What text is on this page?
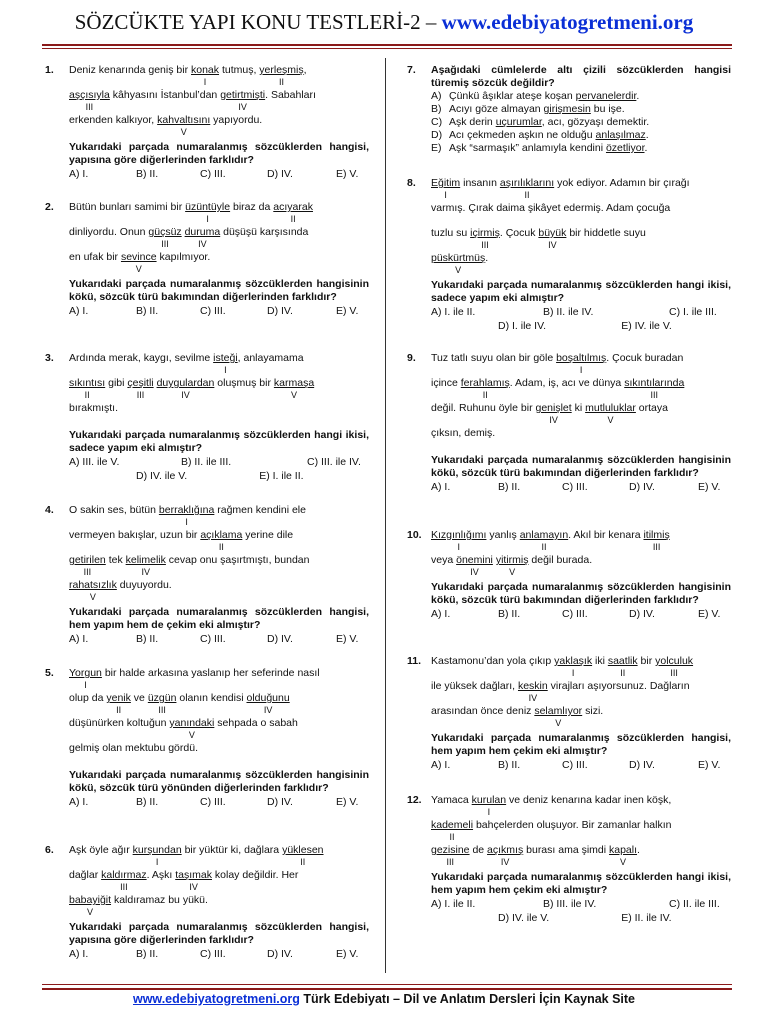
SÖZCÜKTE YAPI KONU TESTLERİ-2 – www.edebiyatogretmeni.org
1. Deniz kenarında geniş bir konak tutmuş, yerleşmiş,
I	II
aşçısıyla kâhyasını İstanbul’dan getirtmişti. Sabahları
III	IV
erkenden kalkıyor, kahvaltısını yapıyordu.
V
Yukarıdaki parçada numaralanmış sözcüklerden hangisi, yapısına göre diğerlerinden farklıdır?
A) I.	B) II.	C) III.	D) IV.	E) V.
2. Bütün bunları samimi bir üzüntüyle biraz da acıyarak
I	II
dinliyordu. Onun güçsüz duruma düşüşü karşısında
III	IV
en ufak bir sevince kapılmıyor.
V
Yukarıdaki parçada numaralanmış sözcüklerden hangisinin kökü, sözcük türü bakımından diğerlerinden farklıdır?
A) I.	B) II.	C) III.	D) IV.	E) V.
3. Ardında merak, kaygı, sevilme isteği, anlayamama
I
sıkıntısı gibi çeşitli duygulardan oluşmuş bir karmaşa
II	III	IV	V
bırakmıştı.
Yukarıdaki parçada numaralanmış sözcüklerden hangi ikisi, sadece yapım eki almıştır?
A) III. ile V.	B) II. ile III.	C) III. ile IV.
D) IV. ile V.	E) I. ile II.
4. O sakin ses, bütün berraklığına rağmen kendini ele
I
vermeyen bakışlar, uzun bir açıklama yerine dile
II
getirilen tek kelimelik cevap onu şaşırtmıştı, bundan
III	IV
rahatsızlık duyuyordu.
V
Yukarıdaki parçada numaralanmış sözcüklerden hangisi, hem yapım hem de çekim eki almıştır?
A) I.	B) II.	C) III.	D) IV.	E) V.
5. Yorgun bir halde arkasına yaslanıp her seferinde nasıl
I
olup da yenik ve üzgün olanın kendisi olduğunu
II	III	IV
düşünürken koltuğun yanındaki sehpada o sabah
V
gelmiş olan mektubu gördü.
Yukarıdaki parçada numaralanmış sözcüklerden hangisinin kökü, sözcük türü yönünden diğerlerinden farklıdır?
A) I.	B) II.	C) III.	D) IV.	E) V.
6. Aşk öyle ağır kurşundan bir yüktür ki, dağlara yüklesen
I	II
dağlar kaldırmaz. Aşkı taşımak kolay değildir. Her
III	IV
babayiğit kaldıramaz bu yükü.
V
Yukarıdaki parçada numaralanmış sözcüklerden hangisi, yapısına göre diğerlerinden farklıdır?
A) I.	B) II.	C) III.	D) IV.	E) V.
7. Aşağıdaki cümlelerde altı çizili sözcüklerden hangisi türemiş sözcük değildir?
A) Çünkü âşıklar ateşe koşan pervanelerdir.
B) Acıyı göze almayan girişmesin bu işe.
C) Aşk derin uçurumlar, acı, gözyaşı demektir.
D) Acı çekmeden aşkın ne olduğu anlaşılmaz.
E) Aşk “sarmaşık” anlamıyla kendini özetliyor.
8. Eğitim insanın aşırılıklarını yok ediyor. Adamın bir çırağı
I	II
varmış. Çırak daima şikâyet edermiş. Adam çocuğa
tuzlu su içirmiş. Çocuk büyük bir hiddetle suyu
III	IV
püskürtmüş.
V
Yukarıdaki parçada numaralanmış sözcüklerden hangi ikisi, sadece yapım eki almıştır?
A) I. ile II.	B) II. ile IV.	C) I. ile III.
D) I. ile IV.	E) IV. ile V.
9. Tuz tatlı suyu olan bir göle boşaltılmış. Çocuk buradan
I
içince ferahlamış. Adam, iş, acı ve dünya sıkıntılarında
II	III
değil. Ruhunu öyle bir genişlet ki mutluluklar ortaya
IV	V
çıksın, demiş.
Yukarıdaki parçada numaralanmış sözcüklerden hangisinin kökü, sözcük türü bakımından diğerlerinden farklıdır?
A) I.	B) II.	C) III.	D) IV.	E) V.
10. Kızgınlığımı yanlış anlamayın. Akıl bir kenara itilmiş
I	II	III
veya önemini yitirmiş değil burada.
IV	V
Yukarıdaki parçada numaralanmış sözcüklerden hangisinin kökü, sözcük türü bakımından diğerlerinden farklıdır?
A) I.	B) II.	C) III.	D) IV.	E) V.
11. Kastamonu’dan yola çıkıp yaklaşık iki saatlik bir yolculuk
I	II	III
ile yüksek dağları, keskin virajları aşıyorsunuz. Dağların
IV
arasından önce deniz selamlıyor sizi.
V
Yukarıdaki parçada numaralanmış sözcüklerden hangisi, hem yapım hem çekim eki almıştır?
A) I.	B) II.	C) III.	D) IV.	E) V.
12. Yamaca kurulan ve deniz kenarına kadar inen köşk,
I
kademeli bahçelerden oluşuyor. Bir zamanlar halkın
II
gezisine de açıkmış burası ama şimdi kapalı.
III	IV	V
Yukarıdaki parçada numaralanmış sözcüklerden hangi ikisi, hem yapım hem çekim eki almıştır?
A) I. ile II.	B) III. ile IV.	C) II. ile III.
D) IV. ile V.	E) II. ile IV.
www.edebiyatogretmeni.org Türk Edebiyatı – Dil ve Anlatım Dersleri İçin Kaynak Site
